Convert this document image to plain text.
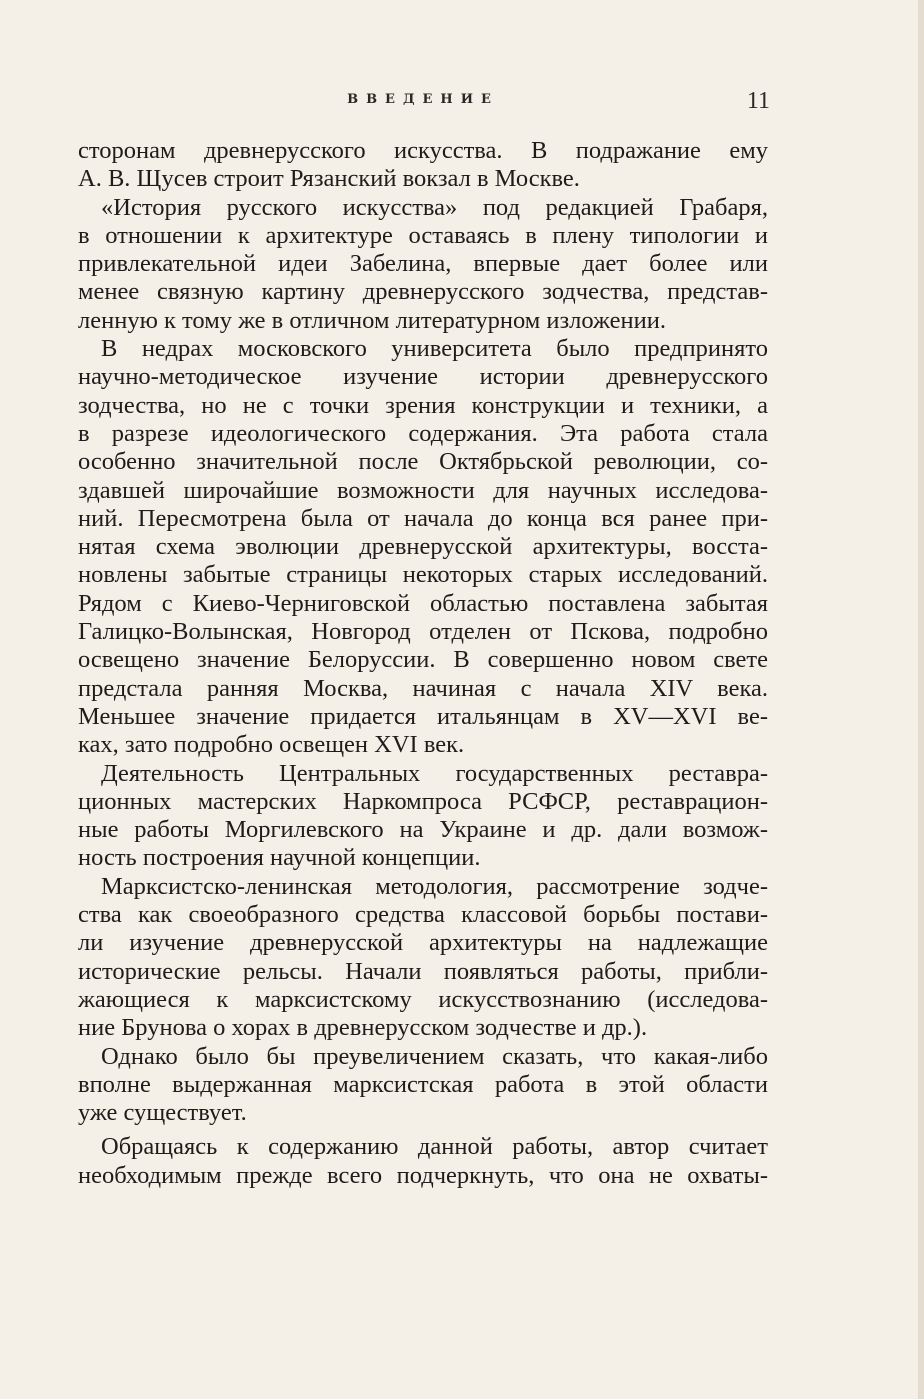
ВВЕДЕНИЕ	11

сторонам древнерусского искусства. В подражание ему

А. В. Щусев строит Рязанский вокзал в Москве.

«История русского искусства» под редакцией Грабаря,

в отношении к архитектуре оставаясь в плену типологии и

привлекательной идеи Забелина, впервые дает более или

менее связную картину древнерусского зодчества, представ-

ленную к тому же в отличном литературном изложении.

В недрах московского университета было предпринято

научно-методическое изучение истории древнерусского

зодчества, но не с точки зрения конструкции и техники, а

в разрезе идеологического содержания. Эта работа стала

особенно значительной после Октябрьской революции, со-

здавшей широчайшие возможности для научных исследова-

ний. Пересмотрена была от начала до конца вся ранее при-

нятая схема эволюции древнерусской архитектуры, восста-

новлены забытые страницы некоторых старых исследований.

Рядом с Киево-Черниговской областью поставлена забытая

Галицко-Волынская, Новгород отделен от Пскова, подробно

освещено значение Белоруссии. В совершенно новом свете

предстала ранняя Москва, начиная с начала XIV века.

Меньшее значение придается итальянцам в XV—XVI ве-

ках, зато подробно освещен XVI век.

Деятельность Центральных государственных реставра-

ционных мастерских Наркомпроса РСФСР, реставрацион-

ные работы Моргилевского на Украине и др. дали возмож-

ность построения научной концепции.

Марксистско-ленинская методология, рассмотрение зодче-

ства как своеобразного средства классовой борьбы постави-

ли изучение древнерусской архитектуры на надлежащие

исторические рельсы. Начали появляться работы, прибли-

жающиеся к марксистскому искусствознанию (исследова-

ние Брунова о хорах в древнерусском зодчестве и др.).

Однако было бы преувеличением сказать, что какая-либо

вполне выдержанная марксистская работа в этой области

уже существует.

Обращаясь к содержанию данной работы, автор считает

необходимым прежде всего подчеркнуть, что она не охваты-
